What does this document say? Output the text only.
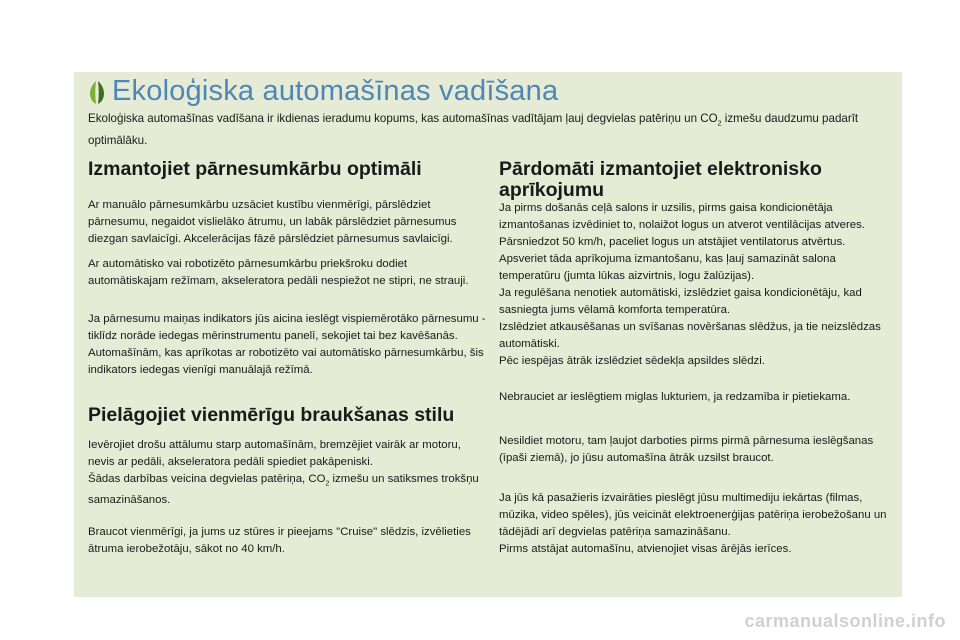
Ekoloģiska automašīnas vadīšana
Ekoloģiska automašīnas vadīšana ir ikdienas ieradumu kopums, kas automašīnas vadītājam ļauj degvielas patēriņu un $CO_2$ izmešu daudzumu padarīt optimālāku.
Izmantojiet pārnesumkārbu optimāli

Ar manuālo pārnesumkārbu uzsāciet kustību vienmērīgi, pārslēdziet pārnesumu, negaidot vislielāko ātrumu, un labāk pārslēdziet pārnesumus diezgan savlaicīgi. Akcelerācijas fāzē pārslēdziet pārnesumus savlaicīgi.

Ar automātisko vai robotizēto pārnesumkārbu priekšroku dodiet automātiskajam režīmam, akseleratora pedāli nespiežot ne stipri, ne strauji.

Ja pārnesumu maiņas indikators jūs aicina ieslēgt vispiemērotāko pārnesumu - tiklīdz norāde iedegas mērinstrumentu panelī, sekojiet tai bez kavēšanās.
Automašīnām, kas aprīkotas ar robotizēto vai automātisko pārnesumkārbu, šis indikators iedegas vienīgi manuālajā režīmā.

Pielāgojiet vienmērīgu braukšanas stilu

Ievērojiet drošu attālumu starp automašīnām, bremzējiet vairāk ar motoru, nevis ar pedāli, akseleratora pedāli spiediet pakāpeniski.
Šādas darbības veicina degvielas patēriņa, $CO_2$ izmešu un satiksmes trokšņu samazināšanos.

Braucot vienmērīgi, ja jums uz stūres ir pieejams "Cruise" slēdzis, izvēlieties ātruma ierobežotāju, sākot no 40 km/h.

Pārdomāti izmantojiet elektronisko aprīkojumu

Ja pirms došanās ceļā salons ir uzsilis, pirms gaisa kondicionētāja izmantošanas izvēdiniet to, nolaižot logus un atverot ventilācijas atveres.
Pārsniedzot 50 km/h, paceliet logus un atstājiet ventilatorus atvērtus.
Apsveriet tāda aprīkojuma izmantošanu, kas ļauj samazināt salona temperatūru (jumta lūkas aizvirtnis, logu žalūzijas).
Ja regulēšana nenotiek automātiski, izslēdziet gaisa kondicionētāju, kad sasniegta jums vēlamā komforta temperatūra.
Izslēdziet atkausēšanas un svīšanas novēršanas slēdžus, ja tie neizslēdzas automātiski.
Pēc iespējas ātrāk izslēdziet sēdekļa apsildes slēdzi.

Nebrauciet ar ieslēgtiem miglas lukturiem, ja redzamība ir pietiekama.

Nesildiet motoru, tam ļaujot darboties pirms pirmā pārnesuma ieslēgšanas (īpaši ziemā), jo jūsu automašīna ātrāk uzsilst braucot.

Ja jūs kā pasažieris izvairāties pieslēgt jūsu multimediju iekārtas (filmas, mūzika, video spēles), jūs veicināt elektroenerģijas patēriņa ierobežošanu un tādējādi arī degvielas patēriņa samazināšanu.
Pirms atstājat automašīnu, atvienojiet visas ārējās ierīces.

carmanualsonline.info
